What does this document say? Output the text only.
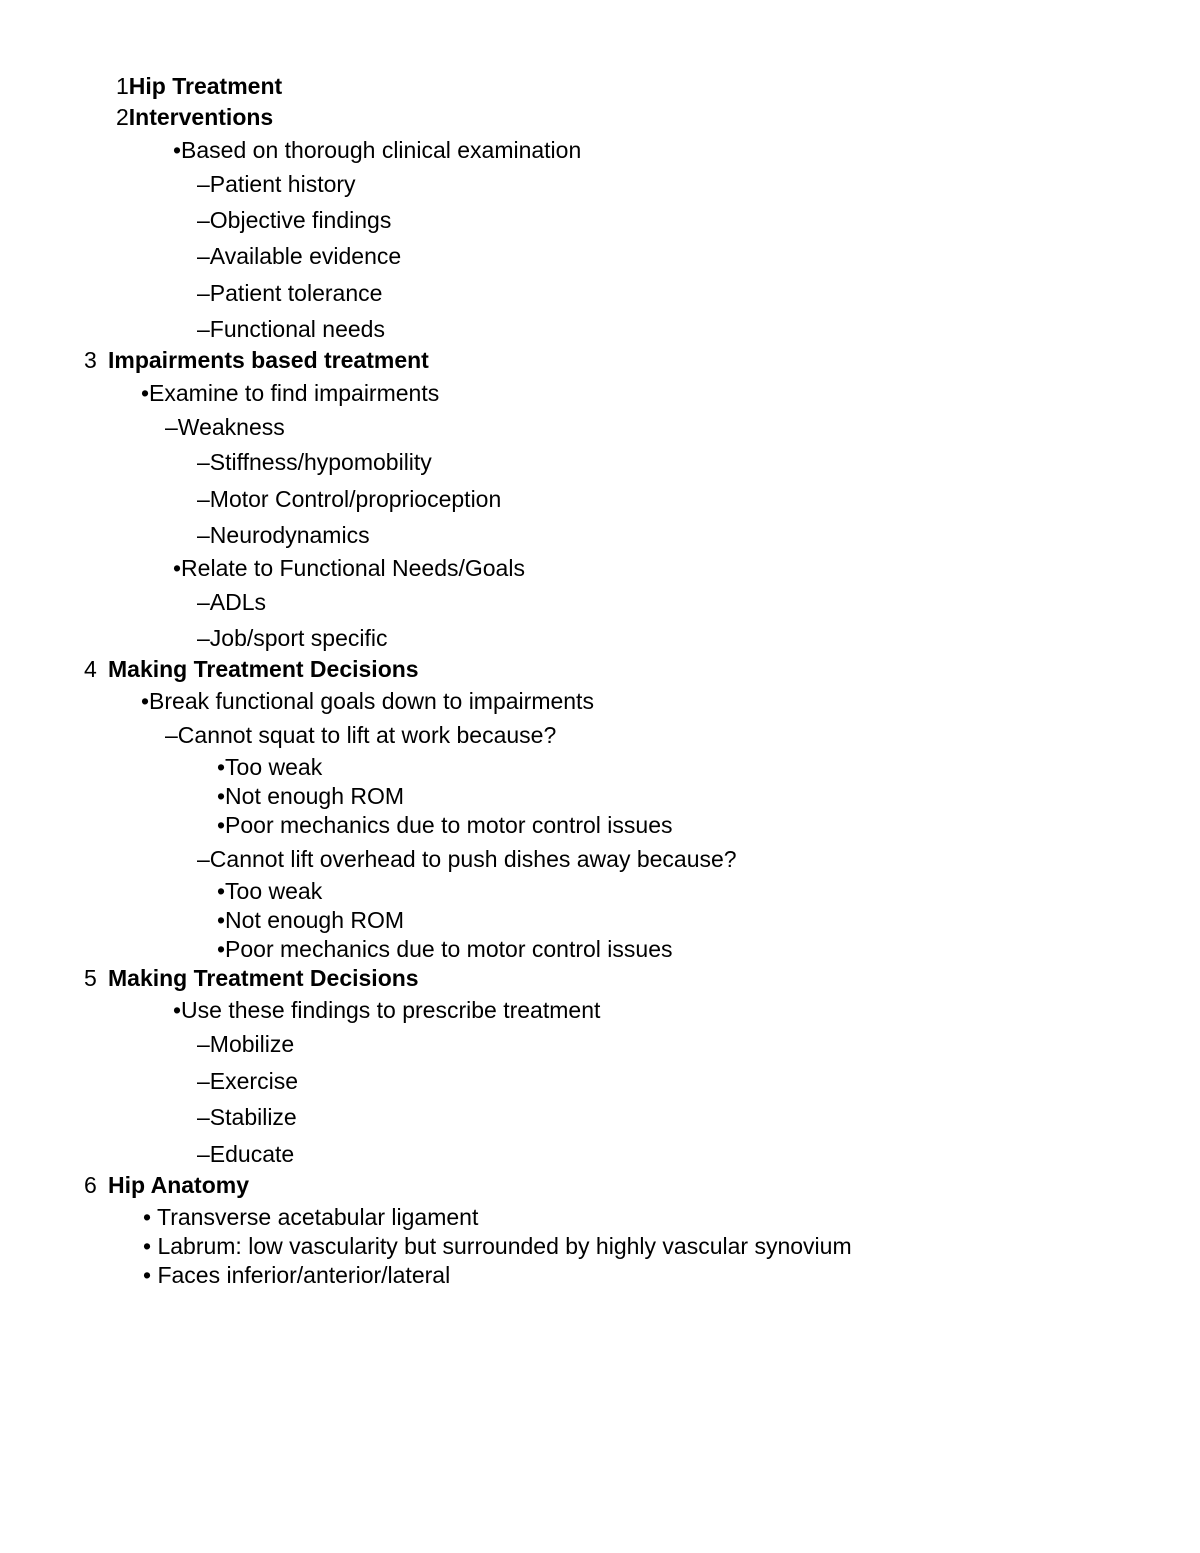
1Hip Treatment
2Interventions
•Based on thorough clinical examination
–Patient history
–Objective findings
–Available evidence
–Patient tolerance
–Functional needs
3 Impairments based treatment
•Examine to find impairments
–Weakness
–Stiffness/hypomobility
–Motor Control/proprioception
–Neurodynamics
•Relate to Functional Needs/Goals
–ADLs
–Job/sport specific
4 Making Treatment Decisions
•Break functional goals down to impairments
–Cannot squat to lift at work because?
•Too weak
•Not enough ROM
•Poor mechanics due to motor control issues
–Cannot lift overhead to push dishes away because?
•Too weak
•Not enough ROM
•Poor mechanics due to motor control issues
5 Making Treatment Decisions
•Use these findings to prescribe treatment
–Mobilize
–Exercise
–Stabilize
–Educate
6 Hip Anatomy
• Transverse acetabular ligament
• Labrum: low vascularity but surrounded by highly vascular synovium
• Faces inferior/anterior/lateral
